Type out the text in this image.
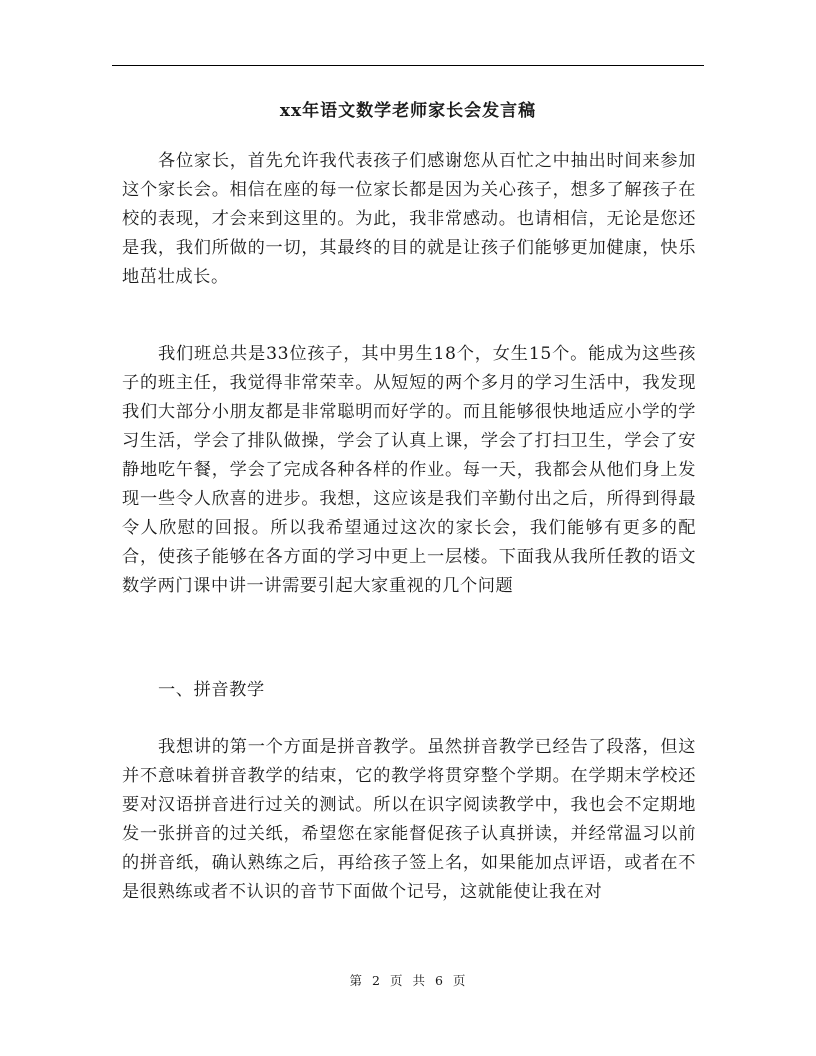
xx年语文数学老师家长会发言稿

各位家长，首先允许我代表孩子们感谢您从百忙之中抽出时间来参加这个家长会。相信在座的每一位家长都是因为关心孩子，想多了解孩子在校的表现，才会来到这里的。为此，我非常感动。也请相信，无论是您还是我，我们所做的一切，其最终的目的就是让孩子们能够更加健康，快乐地茁壮成长。

我们班总共是33位孩子，其中男生18个，女生15个。能成为这些孩子的班主任，我觉得非常荣幸。从短短的两个多月的学习生活中，我发现我们大部分小朋友都是非常聪明而好学的。而且能够很快地适应小学的学习生活，学会了排队做操，学会了认真上课，学会了打扫卫生，学会了安静地吃午餐，学会了完成各种各样的作业。每一天，我都会从他们身上发现一些令人欣喜的进步。我想，这应该是我们辛勤付出之后，所得到得最令人欣慰的回报。所以我希望通过这次的家长会，我们能够有更多的配合，使孩子能够在各方面的学习中更上一层楼。下面我从我所任教的语文数学两门课中讲一讲需要引起大家重视的几个问题

一、拼音教学

我想讲的第一个方面是拼音教学。虽然拼音教学已经告了段落，但这并不意味着拼音教学的结束，它的教学将贯穿整个学期。在学期末学校还要对汉语拼音进行过关的测试。所以在识字阅读教学中，我也会不定期地发一张拼音的过关纸，希望您在家能督促孩子认真拼读，并经常温习以前的拼音纸，确认熟练之后，再给孩子签上名，如果能加点评语，或者在不是很熟练或者不认识的音节下面做个记号，这就能使让我在对

第 2 页 共 6 页
